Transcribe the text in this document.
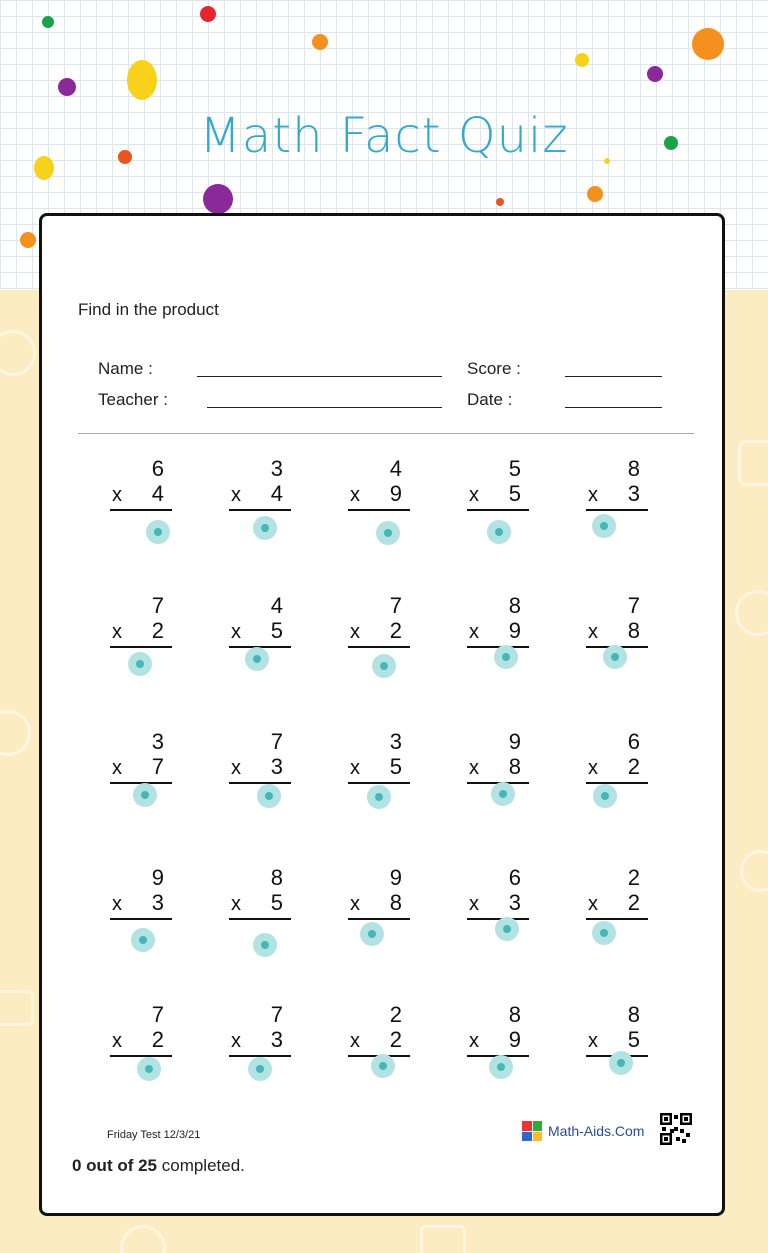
Math Fact Quiz
Find in the product
Name :
Teacher :
Score :
Date :
6
x 4
3
x 4
4
x 9
5
x 5
8
x 3
7
x 2
4
x 5
7
x 2
8
x 9
7
x 8
3
x 7
7
x 3
3
x 5
9
x 8
6
x 2
9
x 3
8
x 5
9
x 8
6
x 3
2
x 2
7
x 2
7
x 3
2
x 2
8
x 9
8
x 5
Friday Test 12/3/21	Math-Aids.Com
0 out of 25 completed.
